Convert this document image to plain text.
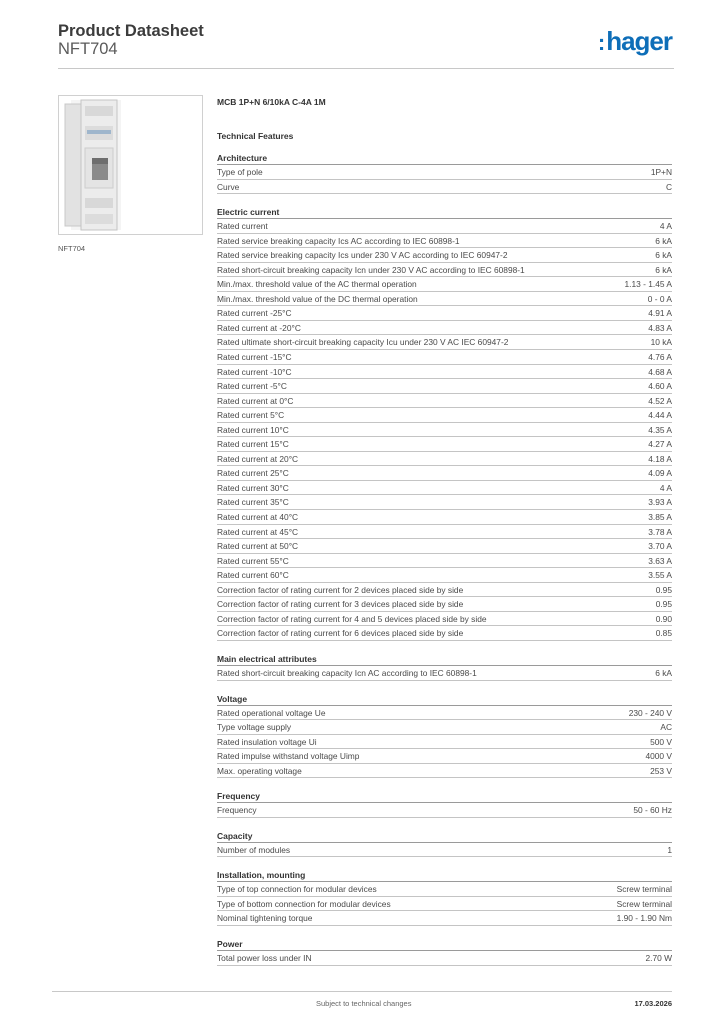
Product Datasheet
NFT704	:hager
NFT704
MCB 1P+N 6/10kA C-4A 1M
Technical Features
Architecture
Type of pole	1P+N
Curve	C
Electric current
Rated current	4 A
Rated service breaking capacity Ics AC according to IEC 60898-1	6 kA
Rated service breaking capacity Ics under 230 V AC according to IEC 60947-2	6 kA
Rated short-circuit breaking capacity Icn under 230 V AC according to IEC 60898-1	6 kA
Min./max. threshold value of the AC thermal operation	1.13 - 1.45 A
Min./max. threshold value of the DC thermal operation	0 - 0 A
Rated current -25°C	4.91 A
Rated current at -20°C	4.83 A
Rated ultimate short-circuit breaking capacity Icu under 230 V AC IEC 60947-2	10 kA
Rated current -15°C	4.76 A
Rated current -10°C	4.68 A
Rated current -5°C	4.60 A
Rated current at 0°C	4.52 A
Rated current 5°C	4.44 A
Rated current 10°C	4.35 A
Rated current 15°C	4.27 A
Rated current at 20°C	4.18 A
Rated current 25°C	4.09 A
Rated current 30°C	4 A
Rated current 35°C	3.93 A
Rated current at 40°C	3.85 A
Rated current at 45°C	3.78 A
Rated current at 50°C	3.70 A
Rated current 55°C	3.63 A
Rated current 60°C	3.55 A
Correction factor of rating current for 2 devices placed side by side	0.95
Correction factor of rating current for 3 devices placed side by side	0.95
Correction factor of rating current for 4 and 5 devices placed side by side	0.90
Correction factor of rating current for 6 devices placed side by side	0.85
Main electrical attributes
Rated short-circuit breaking capacity Icn AC according to IEC 60898-1	6 kA
Voltage
Rated operational voltage Ue	230 - 240 V
Type voltage supply	AC
Rated insulation voltage Ui	500 V
Rated impulse withstand voltage Uimp	4000 V
Max. operating voltage	253 V
Frequency
Frequency	50 - 60 Hz
Capacity
Number of modules	1
Installation, mounting
Type of top connection for modular devices	Screw terminal
Type of bottom connection for modular devices	Screw terminal
Nominal tightening torque	1.90 - 1.90 Nm
Power
Total power loss under IN	2.70 W
Subject to technical changes	17.03.2026
